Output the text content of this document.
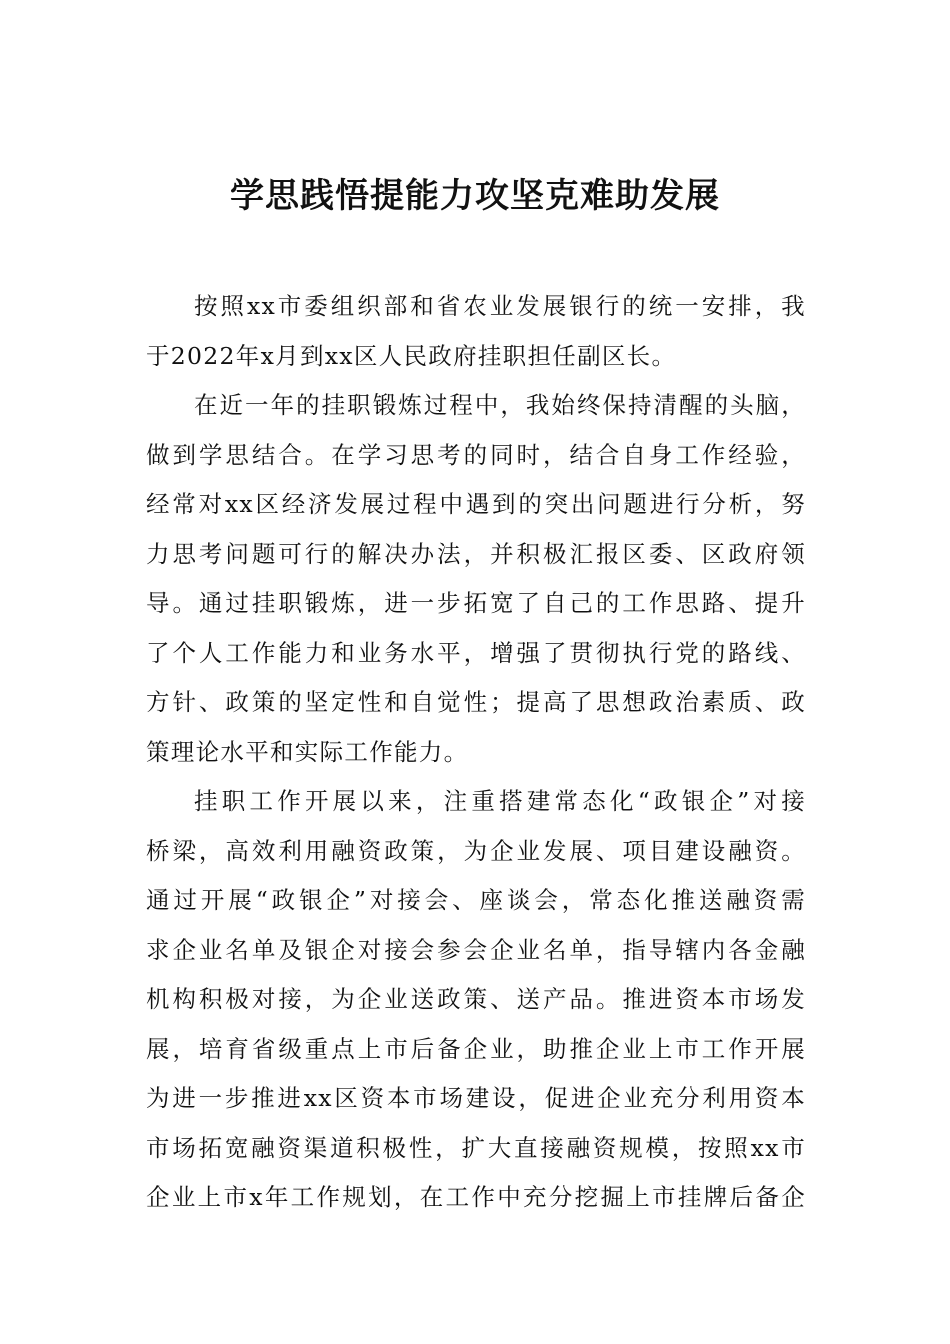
学思践悟提能力攻坚克难助发展
按照xx市委组织部和省农业发展银行的统一安排，我
于2022年x月到xx区人民政府挂职担任副区长。
在近一年的挂职锻炼过程中，我始终保持清醒的头脑，
做到学思结合。在学习思考的同时，结合自身工作经验，
经常对xx区经济发展过程中遇到的突出问题进行分析，努
力思考问题可行的解决办法，并积极汇报区委、区政府领
导。通过挂职锻炼，进一步拓宽了自己的工作思路、提升
了个人工作能力和业务水平，增强了贯彻执行党的路线、
方针、政策的坚定性和自觉性；提高了思想政治素质、政
策理论水平和实际工作能力。
挂职工作开展以来，注重搭建常态化“政银企”对接
桥梁，高效利用融资政策，为企业发展、项目建设融资。
通过开展“政银企”对接会、座谈会，常态化推送融资需
求企业名单及银企对接会参会企业名单，指导辖内各金融
机构积极对接，为企业送政策、送产品。推进资本市场发
展，培育省级重点上市后备企业，助推企业上市工作开展
为进一步推进xx区资本市场建设，促进企业充分利用资本
市场拓宽融资渠道积极性，扩大直接融资规模，按照xx市
企业上市x年工作规划，在工作中充分挖掘上市挂牌后备企
